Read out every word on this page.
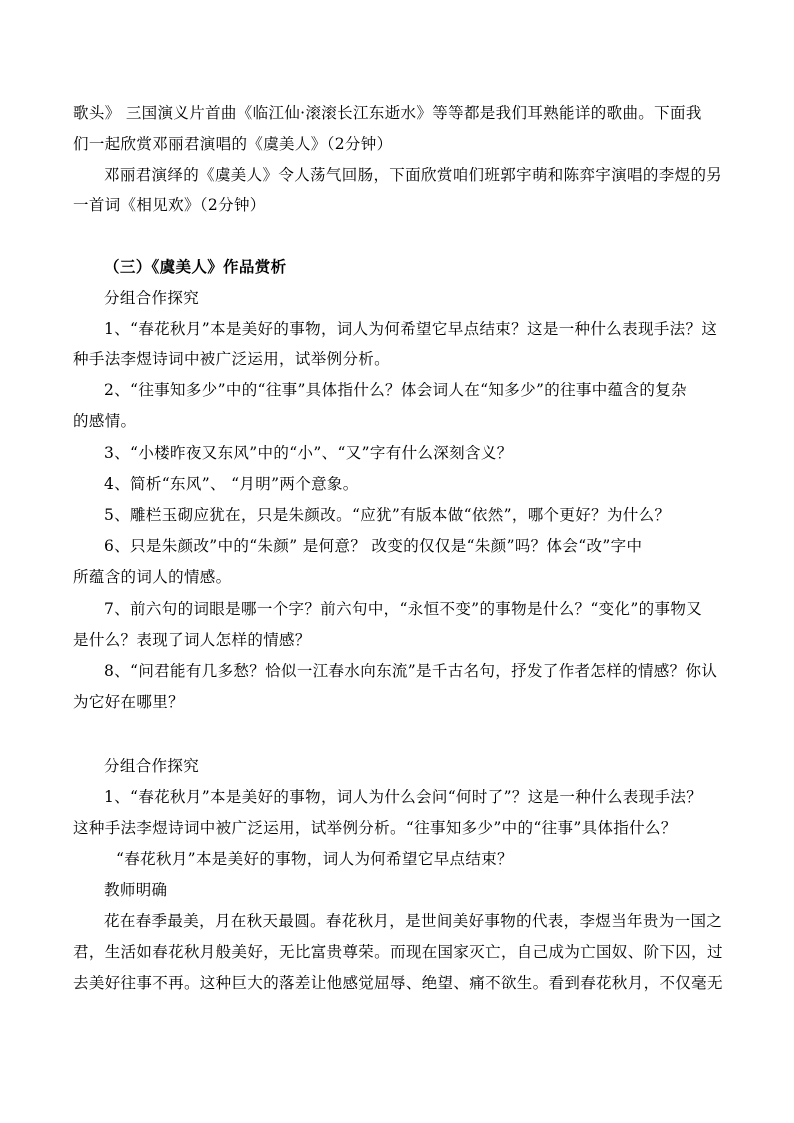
歌头》 三国演义片首曲《临江仙·滚滚长江东逝水》等等都是我们耳熟能详的歌曲。下面我
们一起欣赏邓丽君演唱的《虞美人》（2分钟）
邓丽君演绎的《虞美人》令人荡气回肠，下面欣赏咱们班郭宇萌和陈弈宇演唱的李煜的另
一首词《相见欢》（2分钟）
（三）《虞美人》作品赏析
分组合作探究
1、“春花秋月”本是美好的事物，词人为何希望它早点结束？这是一种什么表现手法？这
种手法李煜诗词中被广泛运用，试举例分析。
2、“往事知多少”中的“往事”具体指什么？体会词人在“知多少”的往事中蕴含的复杂
的感情。
3、“小楼昨夜又东风”中的“小”、“又”字有什么深刻含义？
4、简析“东风”、 “月明”两个意象。
5、雕栏玉砌应犹在，只是朱颜改。“应犹”有版本做“依然”，哪个更好？为什么？
6、只是朱颜改”中的“朱颜” 是何意？ 改变的仅仅是“朱颜”吗？体会“改”字中
所蕴含的词人的情感。
7、前六句的词眼是哪一个字？前六句中，“永恒不变”的事物是什么？“变化”的事物又
是什么？表现了词人怎样的情感？
8、“问君能有几多愁？恰似一江春水向东流”是千古名句，抒发了作者怎样的情感？你认
为它好在哪里？
分组合作探究
1、“春花秋月”本是美好的事物，词人为什么会问“何时了”？这是一种什么表现手法？
这种手法李煜诗词中被广泛运用，试举例分析。“往事知多少”中的“往事”具体指什么？
“春花秋月”本是美好的事物，词人为何希望它早点结束？
教师明确
花在春季最美，月在秋天最圆。春花秋月，是世间美好事物的代表，李煜当年贵为一国之
君，生活如春花秋月般美好，无比富贵尊荣。而现在国家灭亡，自己成为亡国奴、阶下囚，过
去美好往事不再。这种巨大的落差让他感觉屈辱、绝望、痛不欲生。看到春花秋月，不仅毫无
